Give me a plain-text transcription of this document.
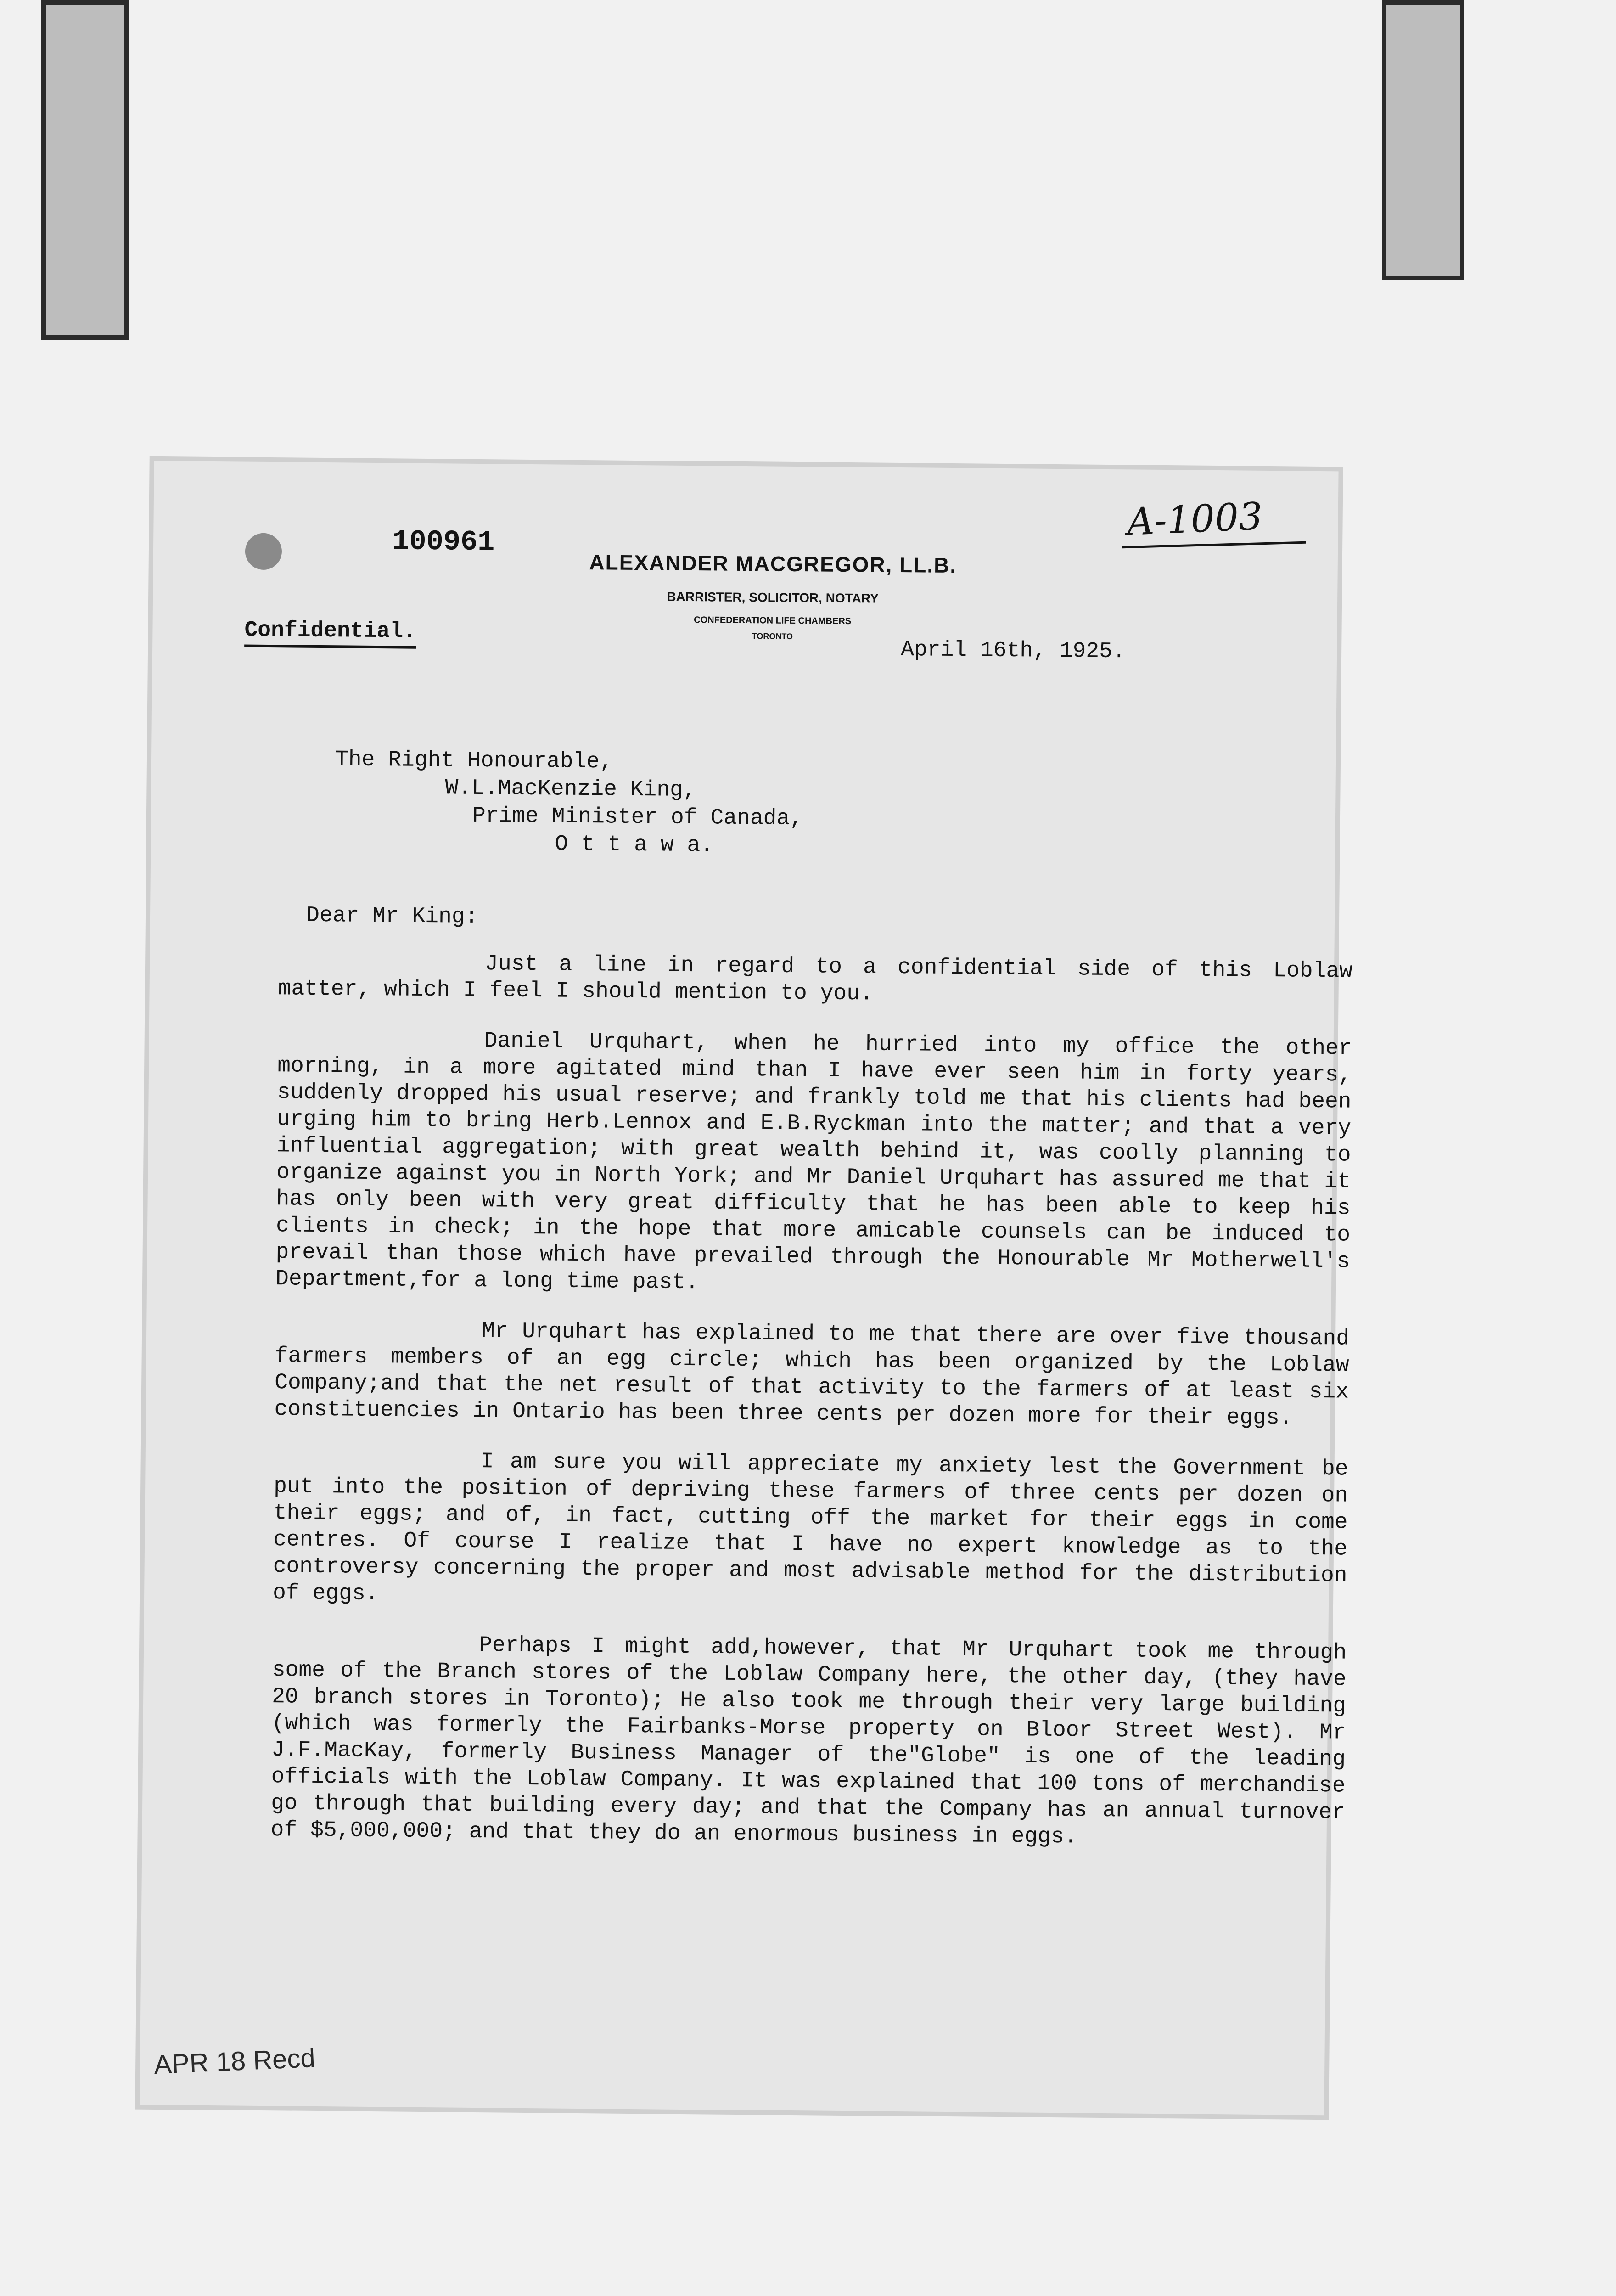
100961	A-1003
ALEXANDER MACGREGOR, LL.B.
BARRISTER, SOLICITOR, NOTARY
CONFEDERATION LIFE CHAMBERS
TORONTO
Confidential.
April 16th, 1925.
The Right Honourable,
W.L.MacKenzie King,
Prime Minister of Canada,
O t t a w a.
Dear Mr King:

Just a line in regard to a confidential side of this Loblaw matter, which I feel I should mention to you.

Daniel Urquhart, when he hurried into my office the other morning, in a more agitated mind than I have ever seen him in forty years, suddenly dropped his usual reserve; and frankly told me that his clients had been urging him to bring Herb.Lennox and E.B.Ryckman into the matter; and that a very influential aggregation; with great wealth behind it, was coolly planning to organize against you in North York; and Mr Daniel Urquhart has assured me that it has only been with very great difficulty that he has been able to keep his clients in check; in the hope that more amicable counsels can be induced to prevail than those which have prevailed through the Honourable Mr Motherwell's Department,for a long time past.

Mr Urquhart has explained to me that there are over five thousand farmers members of an egg circle; which has been organized by the Loblaw Company;and that the net result of that activity to the farmers of at least six constituencies in Ontario has been three cents per dozen more for their eggs.

I am sure you will appreciate my anxiety lest the Government be put into the position of depriving these farmers of three cents per dozen on their eggs; and of, in fact, cutting off the market for their eggs in come centres. Of course I realize that I have no expert knowledge as to the controversy concerning the proper and most advisable method for the distribution of eggs.

Perhaps I might add,however, that Mr Urquhart took me through some of the Branch stores of the Loblaw Company here, the other day, (they have 20 branch stores in Toronto); He also took me through their very large building (which was formerly the Fairbanks-Morse property on Bloor Street West). Mr J.F.MacKay, formerly Business Manager of the"Globe" is one of the leading officials with the Loblaw Company. It was explained that 100 tons of merchandise go through that building every day; and that the Company has an annual turnover of $5,000,000; and that they do an enormous business in eggs.

APR 18 Recd
